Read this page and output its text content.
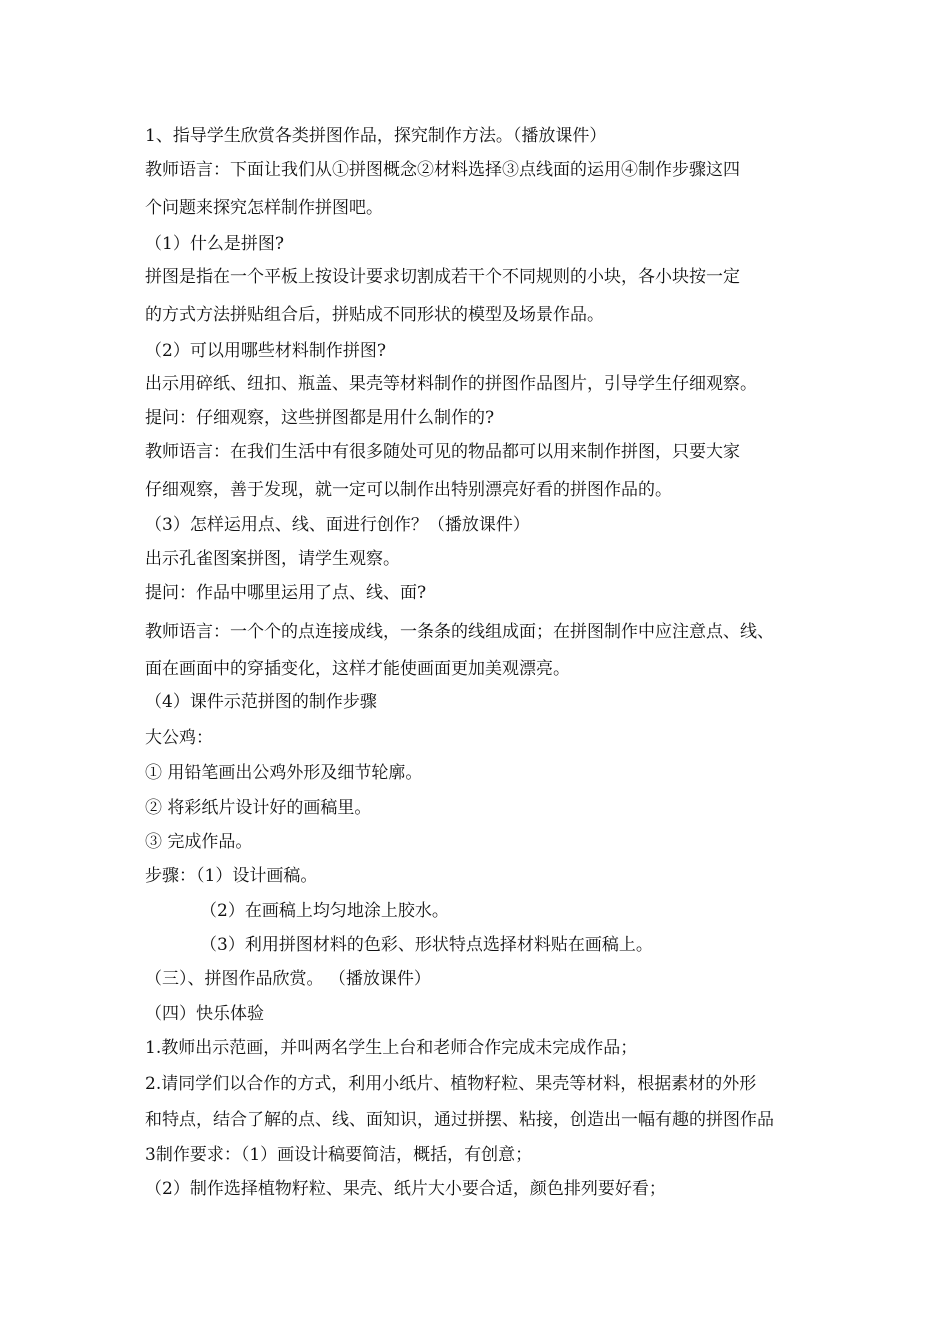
1、指导学生欣赏各类拼图作品，探究制作方法。（播放课件）
教师语言：下面让我们从①拼图概念②材料选择③点线面的运用④制作步骤这四
个问题来探究怎样制作拼图吧。
（1）什么是拼图?
拼图是指在一个平板上按设计要求切割成若干个不同规则的小块，各小块按一定
的方式方法拼贴组合后，拼贴成不同形状的模型及场景作品。
（2）可以用哪些材料制作拼图?
出示用碎纸、纽扣、瓶盖、果壳等材料制作的拼图作品图片，引导学生仔细观察。
提问：仔细观察，这些拼图都是用什么制作的?
教师语言：在我们生活中有很多随处可见的物品都可以用来制作拼图，只要大家
仔细观察，善于发现，就一定可以制作出特别漂亮好看的拼图作品的。
（3）怎样运用点、线、面进行创作？（播放课件）
出示孔雀图案拼图，请学生观察。
提问：作品中哪里运用了点、线、面?
教师语言：一个个的点连接成线，一条条的线组成面；在拼图制作中应注意点、线、
面在画面中的穿插变化，这样才能使画面更加美观漂亮。
（4）课件示范拼图的制作步骤
大公鸡：
① 用铅笔画出公鸡外形及细节轮廓。
② 将彩纸片设计好的画稿里。
③ 完成作品。
步骤：（1）设计画稿。
（2）在画稿上均匀地涂上胶水。
（3）利用拼图材料的色彩、形状特点选择材料贴在画稿上。
（三）、拼图作品欣赏。 （播放课件）
（四）快乐体验
1.教师出示范画，并叫两名学生上台和老师合作完成未完成作品；
2.请同学们以合作的方式，利用小纸片、植物籽粒、果壳等材料，根据素材的外形
和特点，结合了解的点、线、面知识，通过拼摆、粘接，创造出一幅有趣的拼图作品
3制作要求：（1）画设计稿要简洁，概括，有创意；
（2）制作选择植物籽粒、果壳、纸片大小要合适，颜色排列要好看；
